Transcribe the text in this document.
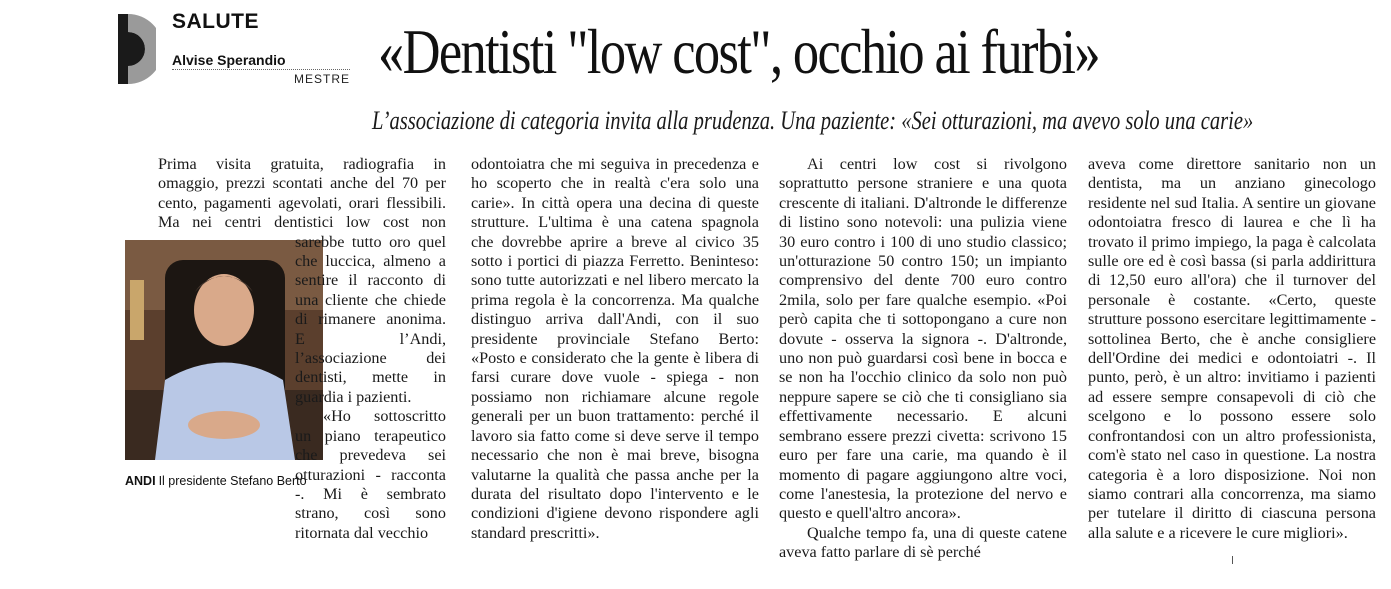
SALUTE
Alvise Sperandio
MESTRE «Dentisti "low cost", occhio ai furbi»
L’associazione di categoria invita alla prudenza. Una paziente: «Sei otturazioni, ma avevo solo una carie»
ANDI Il presidente Stefano Berto

Prima visita gratuita, radiografia in omaggio, prezzi scontati anche del 70 per cento, pagamenti agevolati, orari flessibili. Ma nei centri dentistici low cost non sarebbe tutto oro quel che luccica, almeno a sentire il racconto di una cliente che chiede di rimanere anonima. E l’Andi, l’associazione dei dentisti, mette in guardia i pazienti.

«Ho sottoscritto un piano terapeutico che prevedeva sei otturazioni - racconta -. Mi è sembrato strano, così sono ritornata dal vecchio

odontoiatra che mi seguiva in precedenza e ho scoperto che in realtà c'era solo una carie». In città opera una decina di queste strutture. L'ultima è una catena spagnola che dovrebbe aprire a breve al civico 35 sotto i portici di piazza Ferretto. Beninteso: sono tutte autorizzati e nel libero mercato la prima regola è la concorrenza. Ma qualche distinguo arriva dall'Andi, con il suo presidente provinciale Stefano Berto: «Posto e considerato che la gente è libera di farsi curare dove vuole - spiega - non possiamo non richiamare alcune regole generali per un buon trattamento: perché il lavoro sia fatto come si deve serve il tempo necessario che non è mai breve, bisogna valutarne la qualità che passa anche per la durata del risultato dopo l'intervento e le condizioni d'igiene devono rispondere agli standard prescritti».

Ai centri low cost si rivolgono soprattutto persone straniere e una quota crescente di italiani. D'altronde le differenze di listino sono notevoli: una pulizia viene 30 euro contro i 100 di uno studio classico; un'otturazione 50 contro 150; un impianto comprensivo del dente 700 euro contro 2mila, solo per fare qualche esempio. «Poi però capita che ti sottopongano a cure non dovute - osserva la signora -. D'altronde, uno non può guardarsi così bene in bocca e se non ha l'occhio clinico da solo non può neppure sapere se ciò che ti consigliano sia effettivamente necessario. E alcuni sembrano essere prezzi civetta: scrivono 15 euro per fare una carie, ma quando è il momento di pagare aggiungono altre voci, come l'anestesia, la protezione del nervo e questo e quell'altro ancora».

Qualche tempo fa, una di queste catene aveva fatto parlare di sè perché

aveva come direttore sanitario non un dentista, ma un anziano ginecologo residente nel sud Italia. A sentire un giovane odontoiatra fresco di laurea e che lì ha trovato il primo impiego, la paga è calcolata sulle ore ed è così bassa (si parla addirittura di 12,50 euro all'ora) che il turnover del personale è costante. «Certo, queste strutture possono esercitare legittimamente - sottolinea Berto, che è anche consigliere dell'Ordine dei medici e odontoiatri -. Il punto, però, è un altro: invitiamo i pazienti ad essere sempre consapevoli di ciò che scelgono e lo possono essere solo confrontandosi con un altro professionista, com'è stato nel caso in questione. La nostra categoria è a loro disposizione. Noi non siamo contrari alla concorrenza, ma siamo per tutelare il diritto di ciascuna persona alla salute e a ricevere le cure migliori».
